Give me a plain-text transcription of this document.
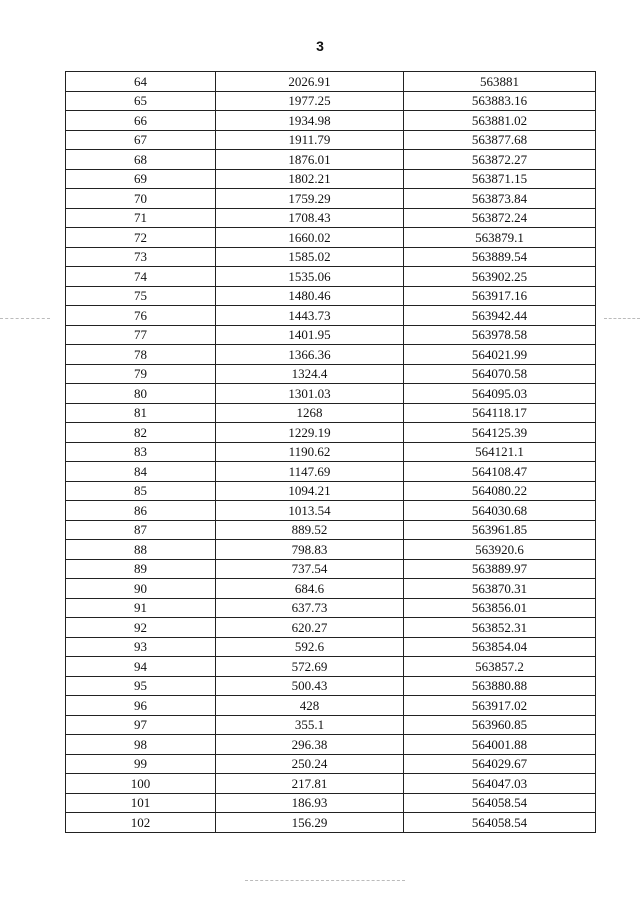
3
64	2026.91	563881
65	1977.25	563883.16
66	1934.98	563881.02
67	1911.79	563877.68
68	1876.01	563872.27
69	1802.21	563871.15
70	1759.29	563873.84
71	1708.43	563872.24
72	1660.02	563879.1
73	1585.02	563889.54
74	1535.06	563902.25
75	1480.46	563917.16
76	1443.73	563942.44
77	1401.95	563978.58
78	1366.36	564021.99
79	1324.4	564070.58
80	1301.03	564095.03
81	1268	564118.17
82	1229.19	564125.39
83	1190.62	564121.1
84	1147.69	564108.47
85	1094.21	564080.22
86	1013.54	564030.68
87	889.52	563961.85
88	798.83	563920.6
89	737.54	563889.97
90	684.6	563870.31
91	637.73	563856.01
92	620.27	563852.31
93	592.6	563854.04
94	572.69	563857.2
95	500.43	563880.88
96	428	563917.02
97	355.1	563960.85
98	296.38	564001.88
99	250.24	564029.67
100	217.81	564047.03
101	186.93	564058.54
102	156.29	564058.54
